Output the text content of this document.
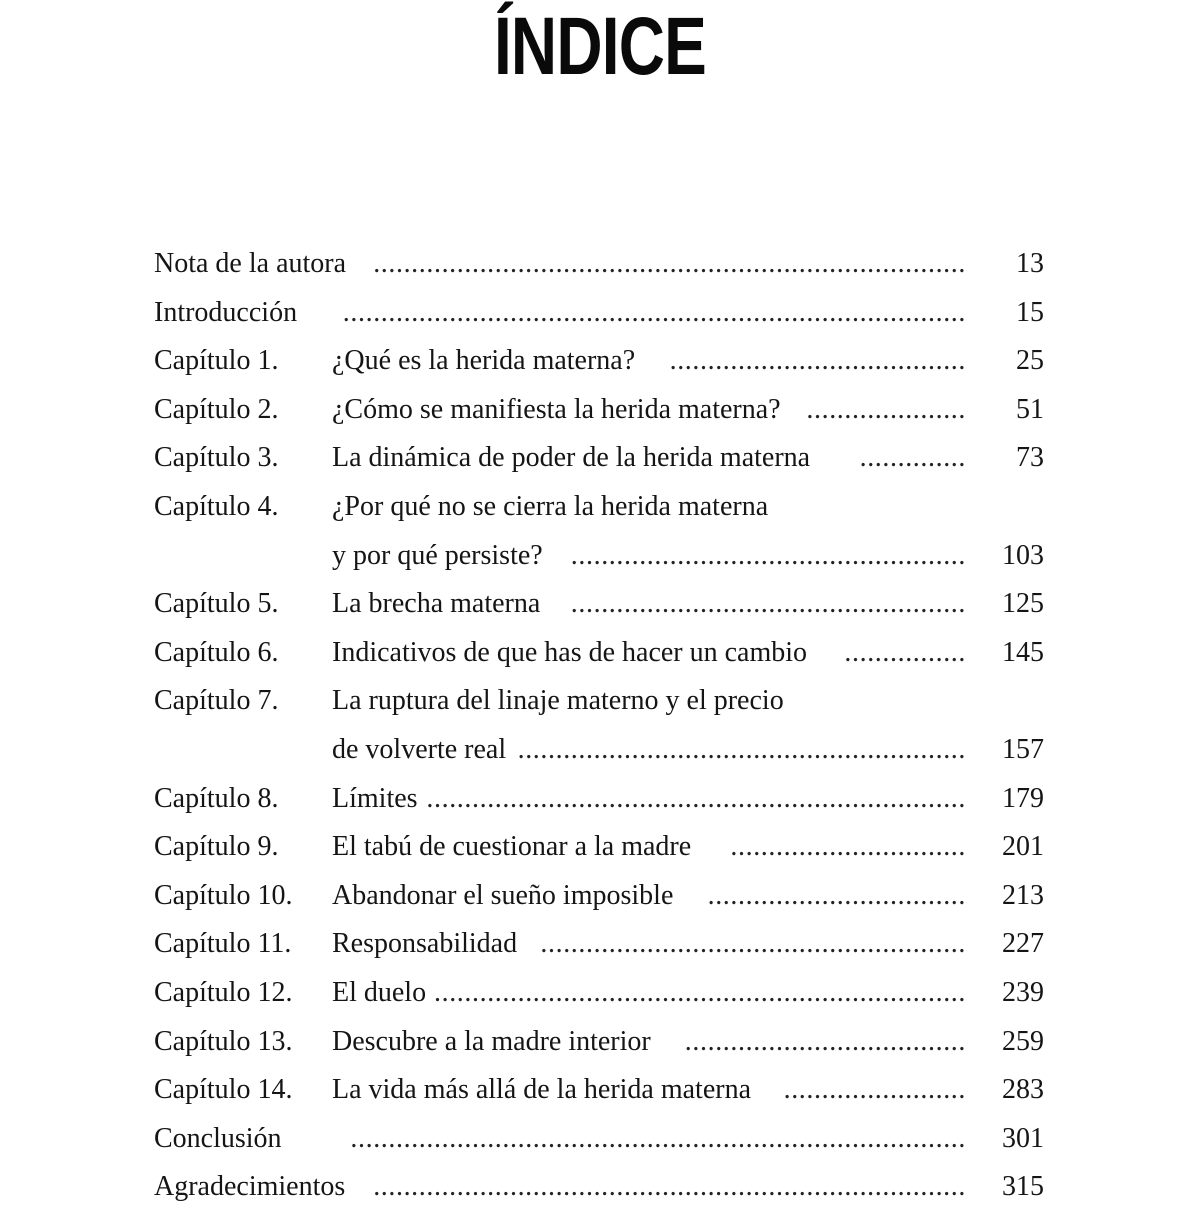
ÍNDICE
Nota de la autora .............................................................................. 13
Introducción .................................................................................. 15
Capítulo 1. ¿Qué es la herida materna? ....................................... 25
Capítulo 2. ¿Cómo se manifiesta la herida materna? ..................... 51
Capítulo 3. La dinámica de poder de la herida materna .............. 73
Capítulo 4. ¿Por qué no se cierra la herida materna
y por qué persiste? .................................................... 103
Capítulo 5. La brecha materna .................................................... 125
Capítulo 6. Indicativos de que has de hacer un cambio ................ 145
Capítulo 7. La ruptura del linaje materno y el precio
de volverte real ........................................................... 157
Capítulo 8. Límites ....................................................................... 179
Capítulo 9. El tabú de cuestionar a la madre ............................... 201
Capítulo 10. Abandonar el sueño imposible .................................. 213
Capítulo 11. Responsabilidad ........................................................ 227
Capítulo 12. El duelo ...................................................................... 239
Capítulo 13. Descubre a la madre interior ..................................... 259
Capítulo 14. La vida más allá de la herida materna ........................ 283
Conclusión ................................................................................. 301
Agradecimientos .............................................................................. 315
